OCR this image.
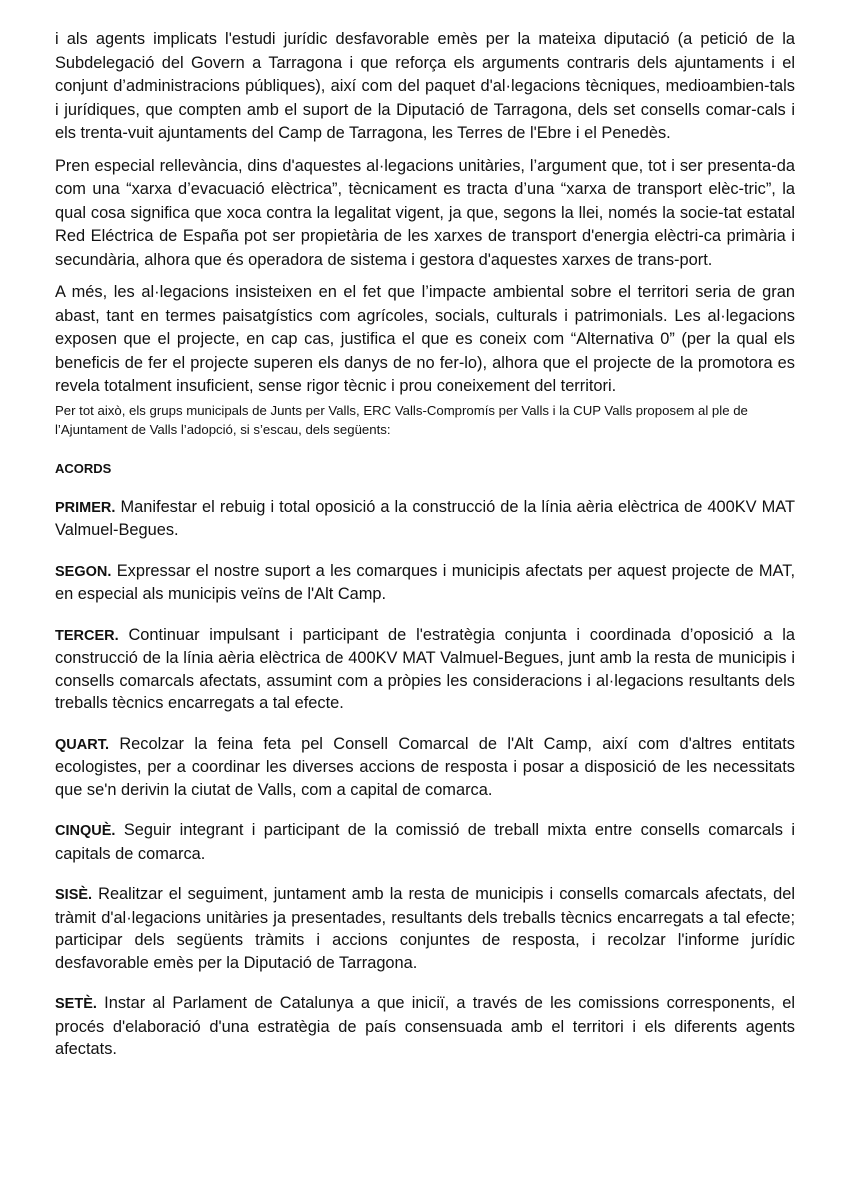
i als agents implicats l'estudi jurídic desfavorable emès per la mateixa diputació (a petició de la Subdelegació del Govern a Tarragona i que reforça els arguments contraris dels ajuntaments i el conjunt d’administracions públiques), així com del paquet d'al·legacions tècniques, medioambien-tals i jurídiques, que compten amb el suport de la Diputació de Tarragona, dels set consells comar-cals i els trenta-vuit ajuntaments del Camp de Tarragona, les Terres de l'Ebre i el Penedès.

Pren especial rellevància, dins d'aquestes al·legacions unitàries, l’argument que, tot i ser presenta-da com una “xarxa d’evacuació elèctrica”, tècnicament es tracta d’una “xarxa de transport elèc-tric”, la qual cosa significa que xoca contra la legalitat vigent, ja que, segons la llei, només la socie-tat estatal Red Eléctrica de España pot ser propietària de les xarxes de transport d'energia elèctri-ca primària i secundària, alhora que és operadora de sistema i gestora d'aquestes xarxes de trans-port.

A més, les al·legacions insisteixen en el fet que l’impacte ambiental sobre el territori seria de gran abast, tant en termes paisatgístics com agrícoles, socials, culturals i patrimonials. Les al·legacions exposen que el projecte, en cap cas, justifica el que es coneix com “Alternativa 0” (per la qual els beneficis de fer el projecte superen els danys de no fer-lo), alhora que el projecte de la promotora es revela totalment insuficient, sense rigor tècnic i prou coneixement del territori.

Per tot això, els grups municipals de Junts per Valls, ERC Valls-Compromís per Valls i la CUP Valls proposem al ple de l’Ajuntament de Valls l’adopció, si s’escau, dels següents:

ACORDS

PRIMER. Manifestar el rebuig i total oposició a la construcció de la línia aèria elèctrica de 400KV MAT Valmuel-Begues.

SEGON. Expressar el nostre suport a les comarques i municipis afectats per aquest projecte de MAT, en especial als municipis veïns de l'Alt Camp.

TERCER. Continuar impulsant i participant de l'estratègia conjunta i coordinada d’oposició a la construcció de la línia aèria elèctrica de 400KV MAT Valmuel-Begues, junt amb la resta de municipis i consells comarcals afectats, assumint com a pròpies les consideracions i al·legacions resultants dels treballs tècnics encarregats a tal efecte.

QUART. Recolzar la feina feta pel Consell Comarcal de l'Alt Camp, així com d'altres entitats ecologistes, per a coordinar les diverses accions de resposta i posar a disposició de les necessitats que se'n derivin la ciutat de Valls, com a capital de comarca.

CINQUÈ. Seguir integrant i participant de la comissió de treball mixta entre consells comarcals i capitals de comarca.

SISÈ. Realitzar el seguiment, juntament amb la resta de municipis i consells comarcals afectats, del tràmit d'al·legacions unitàries ja presentades, resultants dels treballs tècnics encarregats a tal efecte; participar dels següents tràmits i accions conjuntes de resposta, i recolzar l'informe jurídic desfavorable emès per la Diputació de Tarragona.

SETÈ. Instar al Parlament de Catalunya a que iniciï, a través de les comissions corresponents, el procés d'elaboració d'una estratègia de país consensuada amb el territori i els diferents agents afectats.
